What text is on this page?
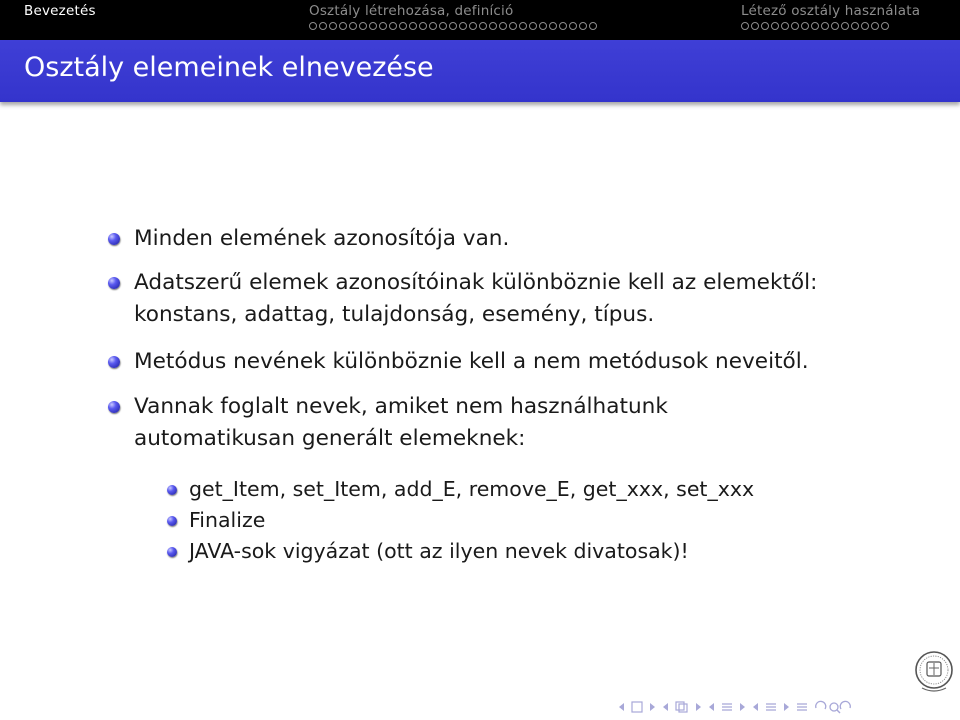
Bevezetés	Osztály létrehozása, definíció	Létező osztály használata
Osztály elemeinek elnevezése
Minden elemének azonosítója van.
Adatszerű elemek azonosítóinak különböznie kell az elemektől:
konstans, adattag, tulajdonság, esemény, típus.
Metódus nevének különböznie kell a nem metódusok neveitől.
Vannak foglalt nevek, amiket nem használhatunk
automatikusan generált elemeknek:
get_Item, set_Item, add_E, remove_E, get_xxx, set_xxx
Finalize
JAVA-sok vigyázat (ott az ilyen nevek divatosak)!
